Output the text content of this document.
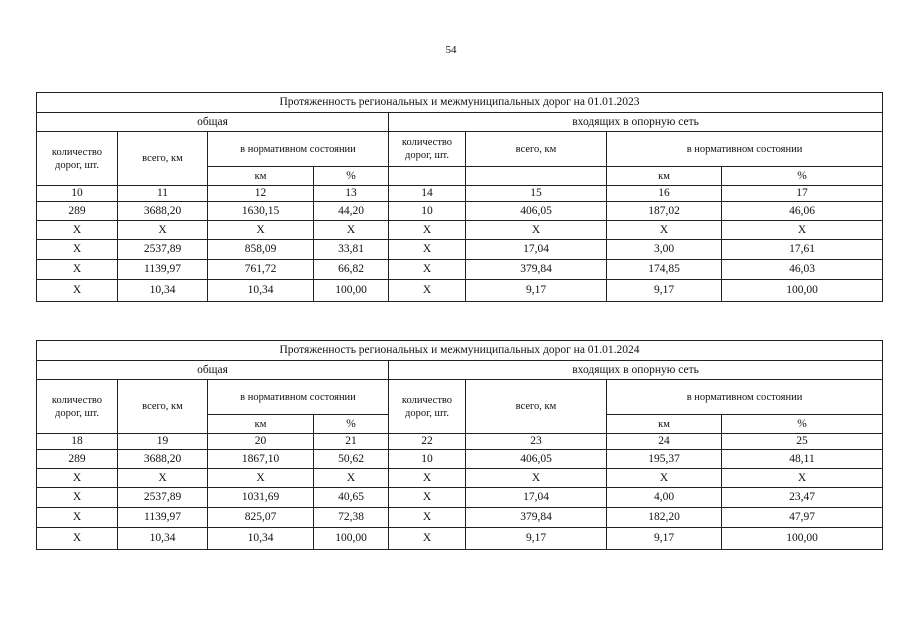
54
Протяженность региональных и межмуниципальных дорог на 01.01.2023							
общая				входящих в опорную сеть			
количество дорог, шт.	всего, км	в нормативном состоянии		количество дорог, шт.	всего, км	в нормативном состоянии	
		км	%			км	%
10	11	12	13	14	15	16	17
289	3688,20	1630,15	44,20	10	406,05	187,02	46,06
X	X	X	X	X	X	X	X
X	2537,89	858,09	33,81	X	17,04	3,00	17,61
X	1139,97	761,72	66,82	X	379,84	174,85	46,03
X	10,34	10,34	100,00	X	9,17	9,17	100,00
Протяженность региональных и межмуниципальных дорог на 01.01.2024							
общая				входящих в опорную сеть			
количество дорог, шт.	всего, км	в нормативном состоянии		количество дорог, шт.	всего, км	в нормативном состоянии	
		км	%			км	%
18	19	20	21	22	23	24	25
289	3688,20	1867,10	50,62	10	406,05	195,37	48,11
X	X	X	X	X	X	X	X
X	2537,89	1031,69	40,65	X	17,04	4,00	23,47
X	1139,97	825,07	72,38	X	379,84	182,20	47,97
X	10,34	10,34	100,00	X	9,17	9,17	100,00
